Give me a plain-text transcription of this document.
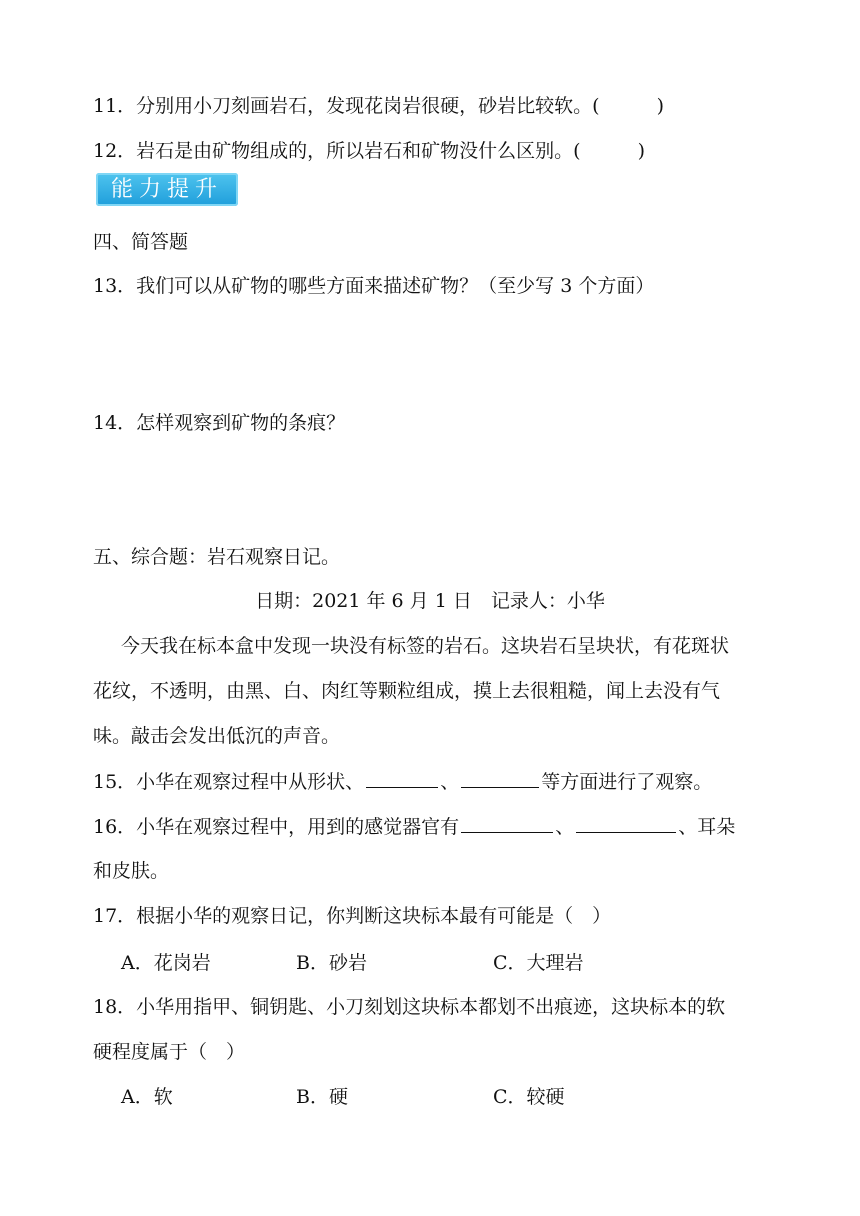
11．分别用小刀刻画岩石，发现花岗岩很硬，砂岩比较软。(　　　)
12．岩石是由矿物组成的，所以岩石和矿物没什么区别。(　　　)
能力提升
四、简答题
13．我们可以从矿物的哪些方面来描述矿物？（至少写 3 个方面）
14．怎样观察到矿物的条痕？
五、综合题：岩石观察日记。
日期：2021 年 6 月 1 日　记录人：小华
今天我在标本盒中发现一块没有标签的岩石。这块岩石呈块状，有花斑状
花纹，不透明，由黑、白、肉红等颗粒组成，摸上去很粗糙，闻上去没有气
味。敲击会发出低沉的声音。
15．小华在观察过程中从形状、	、	等方面进行了观察。
16．小华在观察过程中，用到的感觉器官有	、	、耳朵
和皮肤。
17．根据小华的观察日记，你判断这块标本最有可能是（　）
A．花岗岩	B．砂岩	C．大理岩
18．小华用指甲、铜钥匙、小刀刻划这块标本都划不出痕迹，这块标本的软
硬程度属于（　）
A．软	B．硬	C．较硬
